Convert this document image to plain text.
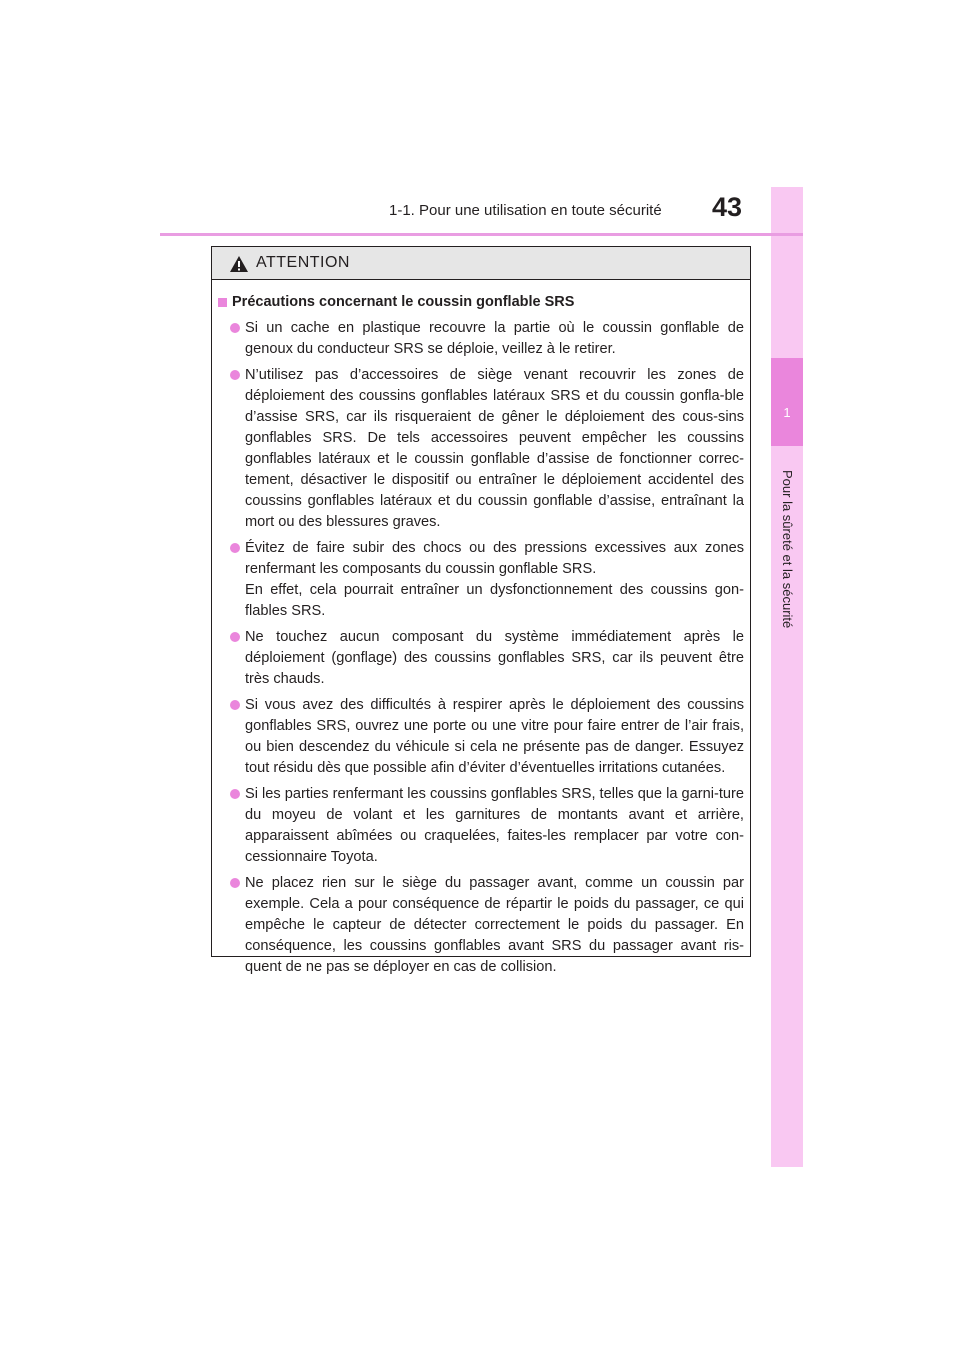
1
Pour la sûreté et la sécurité
1-1. Pour une utilisation en toute sécurité 43
ATTENTION
Précautions concernant le coussin gonflable SRS

Si un cache en plastique recouvre la partie où le coussin gonflable de genoux du conducteur SRS se déploie, veillez à le retirer.

N’utilisez pas d’accessoires de siège venant recouvrir les zones de déploiement des coussins gonflables latéraux SRS et du coussin gonfla-ble d’assise SRS, car ils risqueraient de gêner le déploiement des cous-sins gonflables SRS. De tels accessoires peuvent empêcher les coussins gonflables latéraux et le coussin gonflable d’assise de fonctionner correc-tement, désactiver le dispositif ou entraîner le déploiement accidentel des coussins gonflables latéraux et du coussin gonflable d’assise, entraînant la mort ou des blessures graves.

Évitez de faire subir des chocs ou des pressions excessives aux zones renfermant les composants du coussin gonflable SRS.

En effet, cela pourrait entraîner un dysfonctionnement des coussins gon-flables SRS.

Ne touchez aucun composant du système immédiatement après le déploiement (gonflage) des coussins gonflables SRS, car ils peuvent être très chauds.

Si vous avez des difficultés à respirer après le déploiement des coussins gonflables SRS, ouvrez une porte ou une vitre pour faire entrer de l’air frais, ou bien descendez du véhicule si cela ne présente pas de danger. Essuyez tout résidu dès que possible afin d’éviter d’éventuelles irritations cutanées.

Si les parties renfermant les coussins gonflables SRS, telles que la garni-ture du moyeu de volant et les garnitures de montants avant et arrière, apparaissent abîmées ou craquelées, faites-les remplacer par votre con-cessionnaire Toyota.

Ne placez rien sur le siège du passager avant, comme un coussin par exemple. Cela a pour conséquence de répartir le poids du passager, ce qui empêche le capteur de détecter correctement le poids du passager. En conséquence, les coussins gonflables avant SRS du passager avant ris-quent de ne pas se déployer en cas de collision.
